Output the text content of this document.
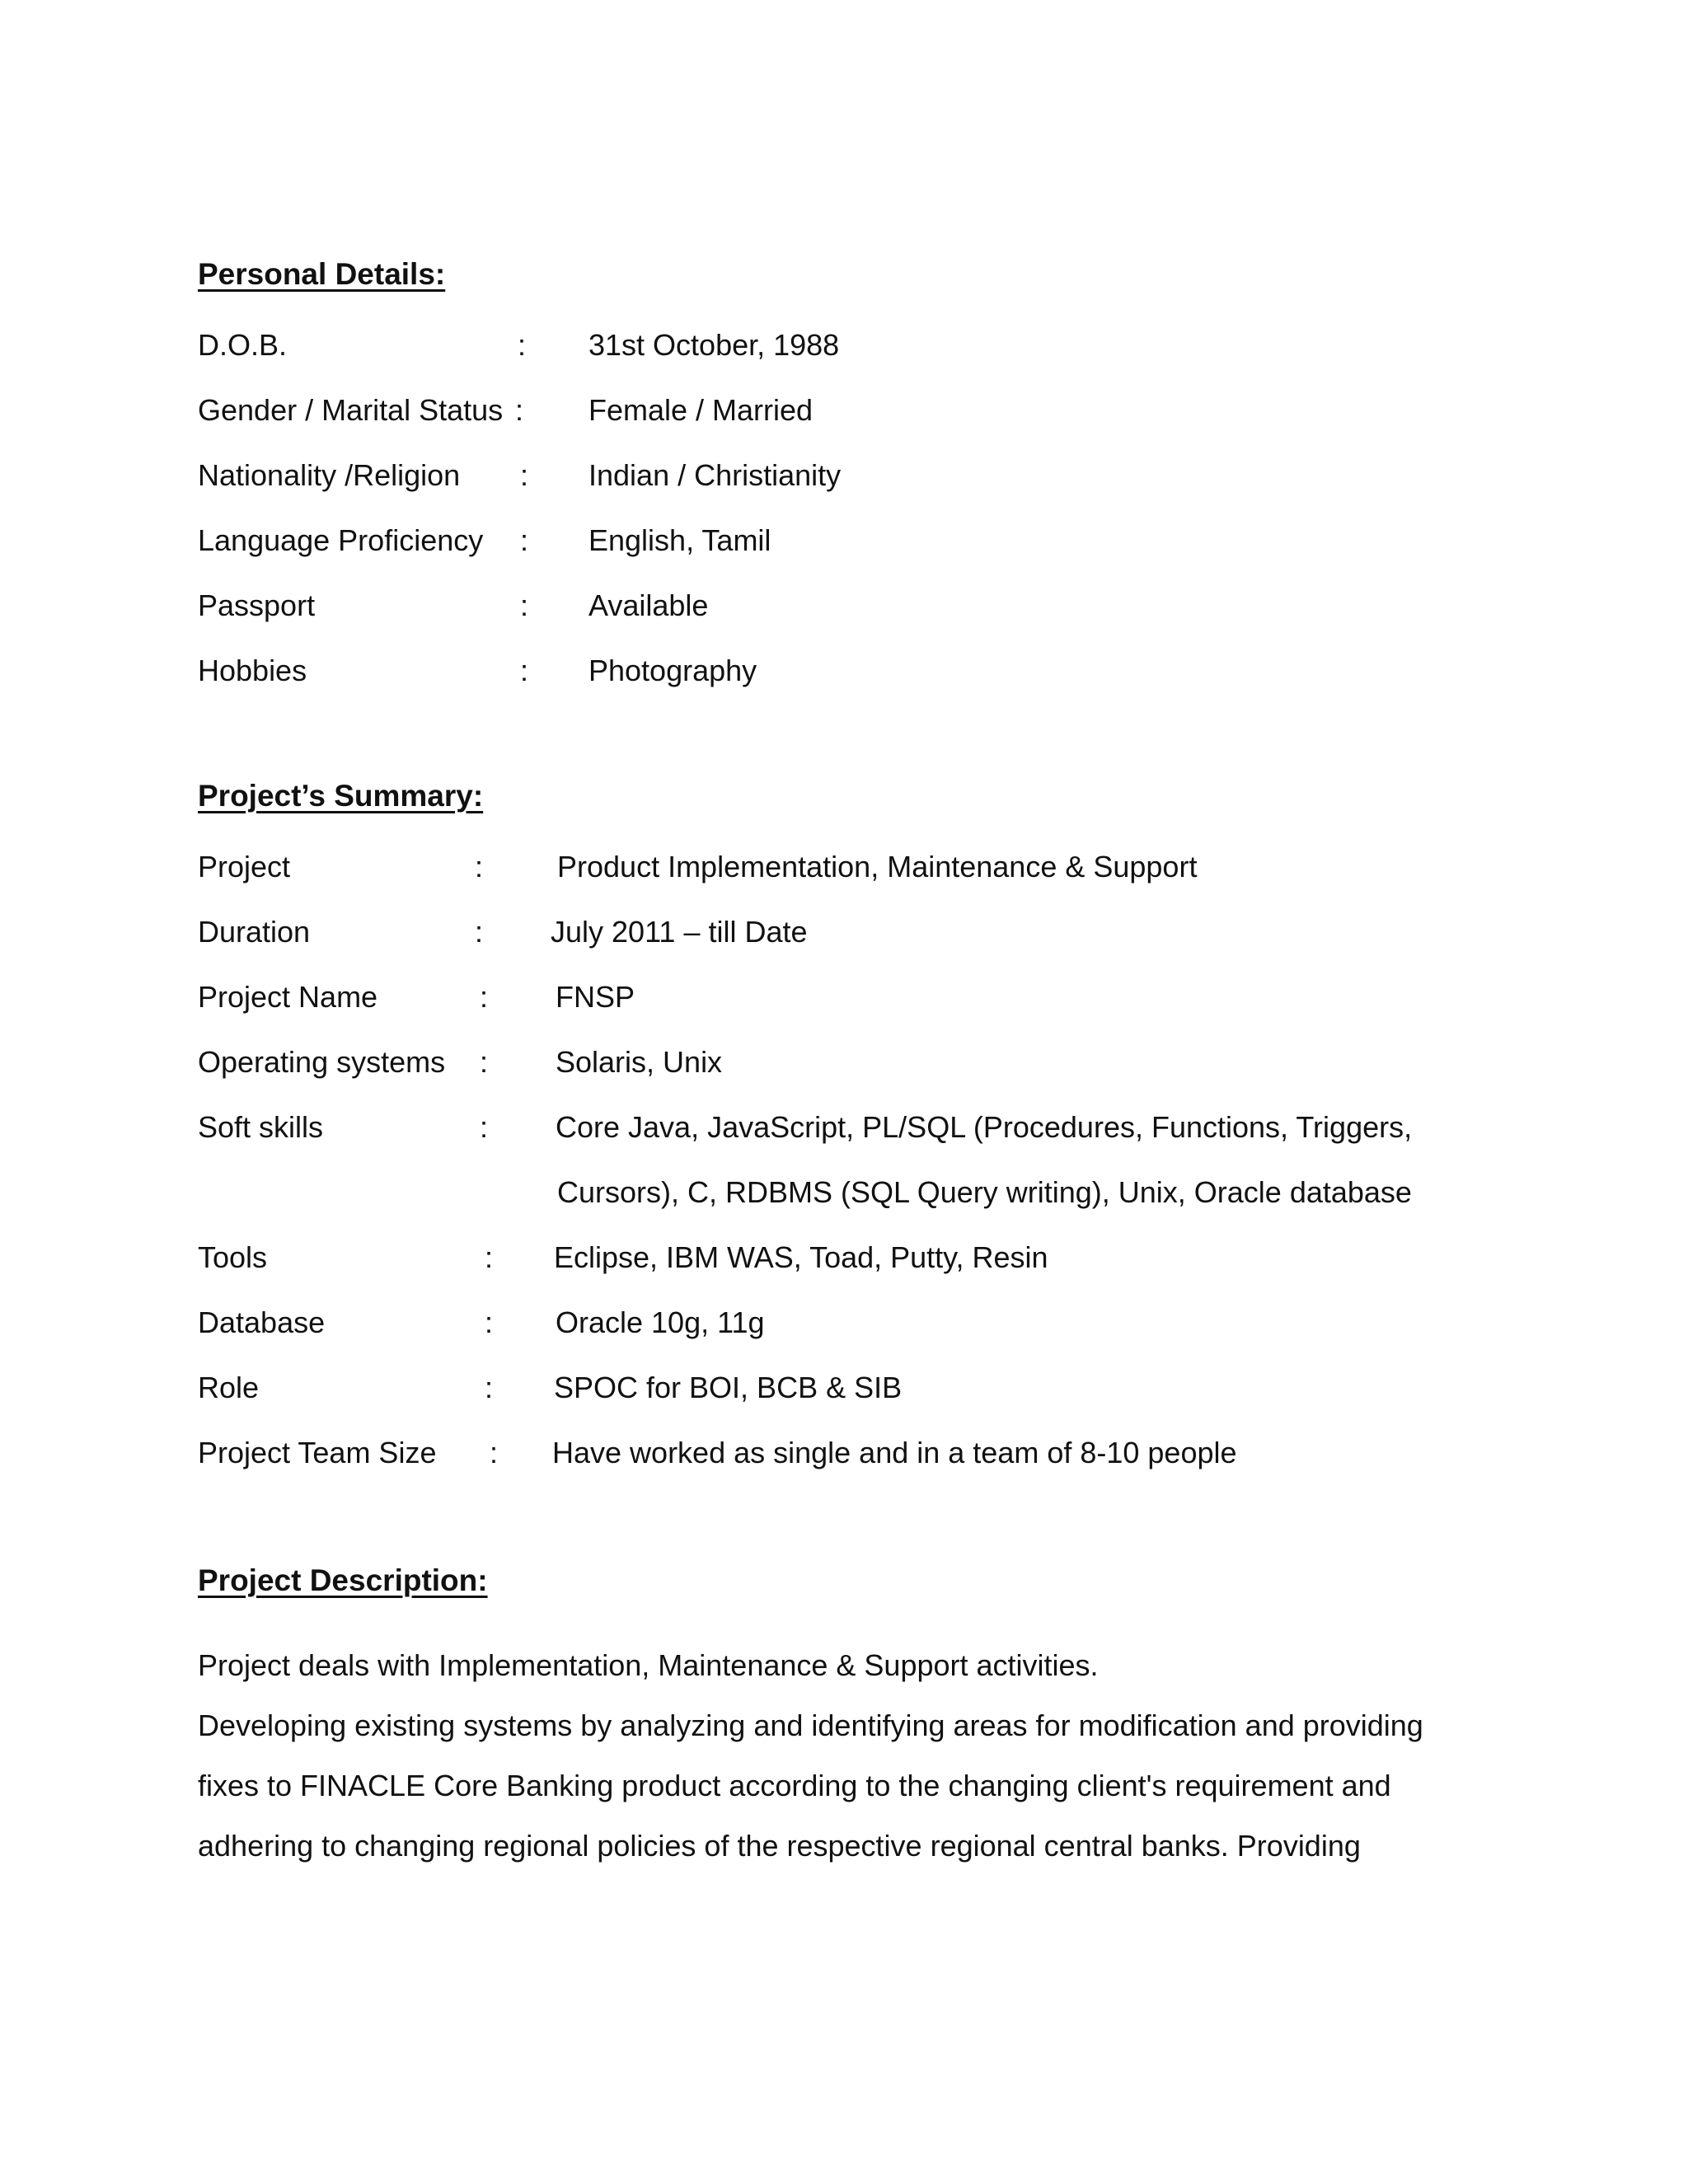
Personal Details:
D.O.B.	: 31st October, 1988
Gender / Marital Status : Female / Married
Nationality /Religion : Indian / Christianity
Language Proficiency : English, Tamil
Passport	: Available
Hobbies	: Photography
Project’s Summary:
Project	: Product Implementation, Maintenance & Support
Duration	: July 2011 – till Date
Project Name	: FNSP
Operating systems : Solaris, Unix
Soft skills	: Core Java, JavaScript, PL/SQL (Procedures, Functions, Triggers,
Cursors), C, RDBMS (SQL Query writing), Unix, Oracle database
Tools	: Eclipse, IBM WAS, Toad, Putty, Resin
Database	: Oracle 10g, 11g
Role	: SPOC for BOI, BCB & SIB
Project Team Size : Have worked as single and in a team of 8-10 people
Project Description:
Project deals with Implementation, Maintenance & Support activities.
Developing existing systems by analyzing and identifying areas for modification and providing
fixes to FINACLE Core Banking product according to the changing client's requirement and
adhering to changing regional policies of the respective regional central banks. Providing
